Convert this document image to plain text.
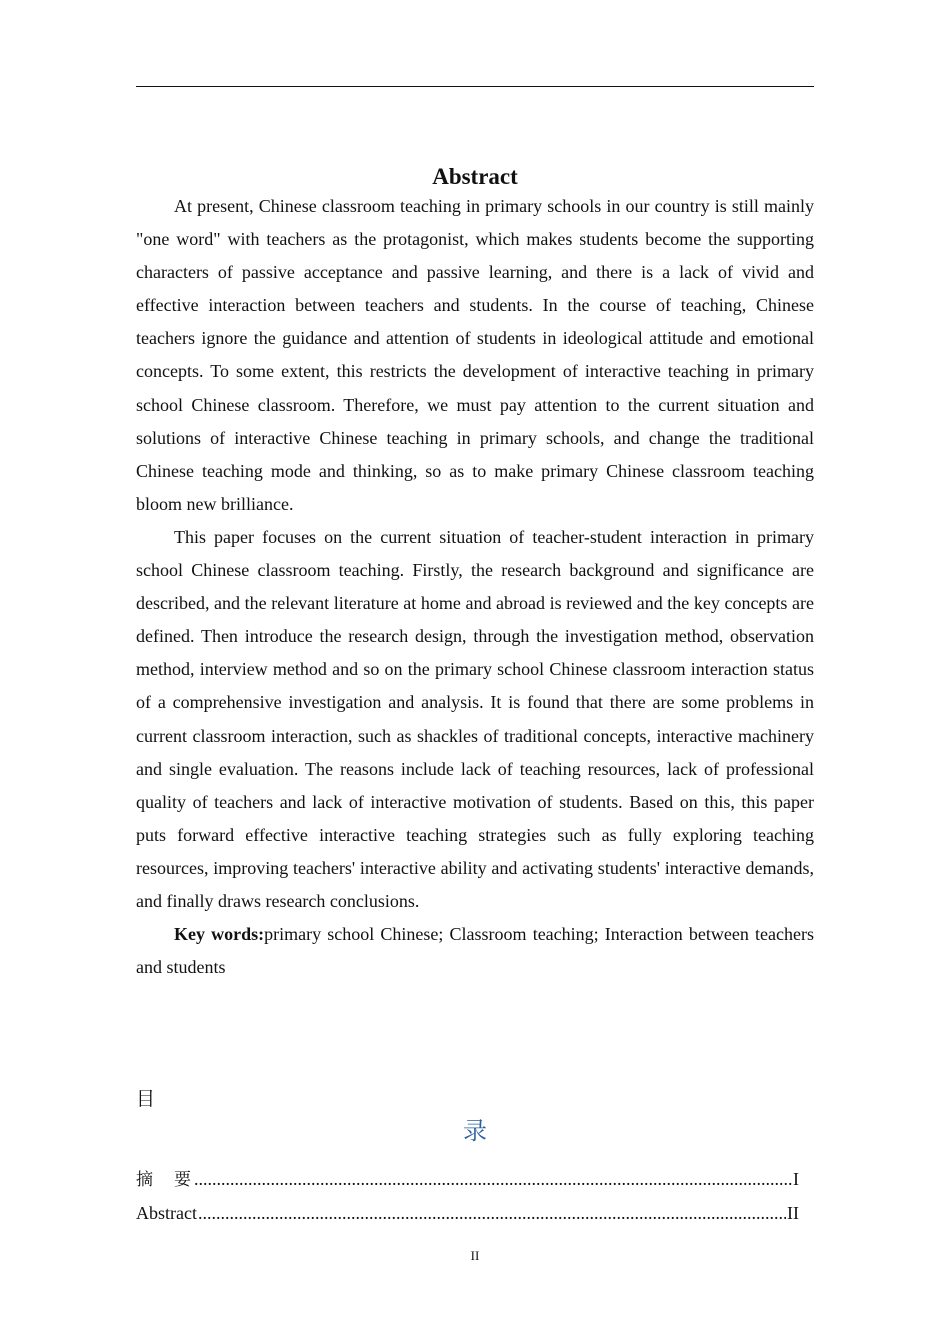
Abstract

At present, Chinese classroom teaching in primary schools in our country is still mainly "one word" with teachers as the protagonist, which makes students become the supporting characters of passive acceptance and passive learning, and there is a lack of vivid and effective interaction between teachers and students. In the course of teaching, Chinese teachers ignore the guidance and attention of students in ideological attitude and emotional concepts. To some extent, this restricts the development of interactive teaching in primary school Chinese classroom. Therefore, we must pay attention to the current situation and solutions of interactive Chinese teaching in primary schools, and change the traditional Chinese teaching mode and thinking, so as to make primary Chinese classroom teaching bloom new brilliance.

This paper focuses on the current situation of teacher-student interaction in primary school Chinese classroom teaching. Firstly, the research background and significance are described, and the relevant literature at home and abroad is reviewed and the key concepts are defined. Then introduce the research design, through the investigation method, observation method, interview method and so on the primary school Chinese classroom interaction status of a comprehensive investigation and analysis. It is found that there are some problems in current classroom interaction, such as shackles of traditional concepts, interactive machinery and single evaluation. The reasons include lack of teaching resources, lack of professional quality of teachers and lack of interactive motivation of students. Based on this, this paper puts forward effective interactive teaching strategies such as fully exploring teaching resources, improving teachers' interactive ability and activating students' interactive demands, and finally draws research conclusions.

Key words:primary school Chinese; Classroom teaching; Interaction between teachers and students

目
录
摘　要 .....	I
Abstract .....	II
II
